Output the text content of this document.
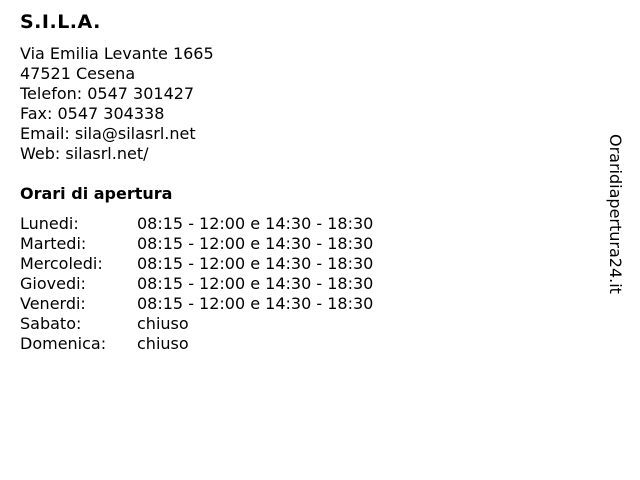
S.I.L.A.
Via Emilia Levante 1665
47521 Cesena
Telefon: 0547 301427
Fax: 0547 304338
Email: sila@silasrl.net
Web: silasrl.net/
Orari di apertura
Lunedi:	08:15 - 12:00 e 14:30 - 18:30
Martedi:	08:15 - 12:00 e 14:30 - 18:30
Mercoledi:	08:15 - 12:00 e 14:30 - 18:30
Giovedi:	08:15 - 12:00 e 14:30 - 18:30
Venerdi:	08:15 - 12:00 e 14:30 - 18:30
Sabato:	chiuso
Domenica:	chiuso
Oraridiapertura24.it
